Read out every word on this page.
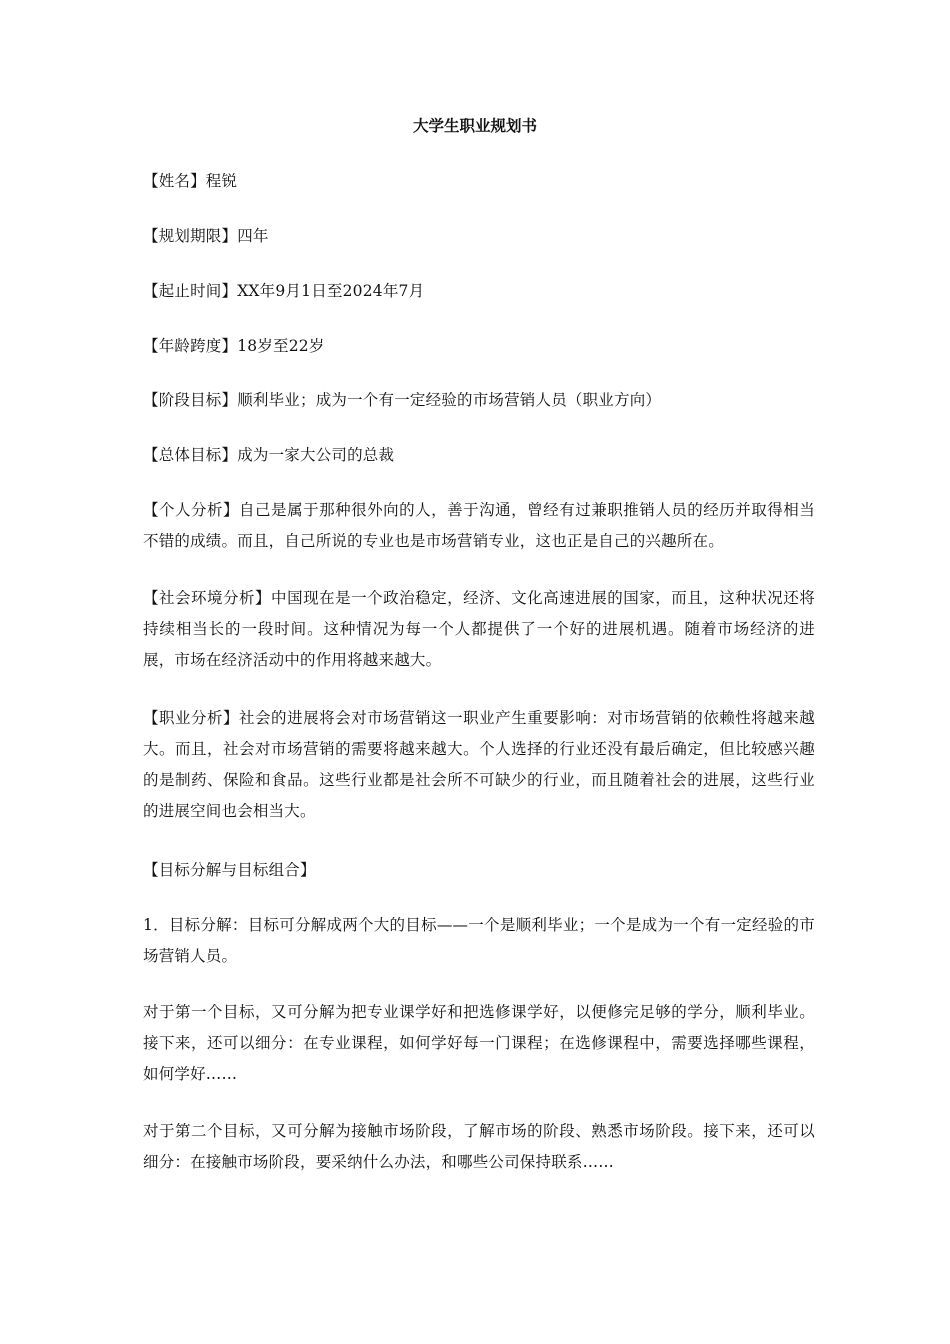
大学生职业规划书

【姓名】程锐

【规划期限】四年

【起止时间】XX年9月1日至2024年7月

【年龄跨度】18岁至22岁

【阶段目标】顺利毕业；成为一个有一定经验的市场营销人员（职业方向）

【总体目标】成为一家大公司的总裁

【个人分析】自己是属于那种很外向的人，善于沟通，曾经有过兼职推销人员的经历并取得相当不错的成绩。而且，自己所说的专业也是市场营销专业，这也正是自己的兴趣所在。

【社会环境分析】中国现在是一个政治稳定，经济、文化高速进展的国家，而且，这种状况还将持续相当长的一段时间。这种情况为每一个人都提供了一个好的进展机遇。随着市场经济的进展，市场在经济活动中的作用将越来越大。

【职业分析】社会的进展将会对市场营销这一职业产生重要影响：对市场营销的依赖性将越来越大。而且，社会对市场营销的需要将越来越大。个人选择的行业还没有最后确定，但比较感兴趣的是制药、保险和食品。这些行业都是社会所不可缺少的行业，而且随着社会的进展，这些行业的进展空间也会相当大。

【目标分解与目标组合】

1．目标分解：目标可分解成两个大的目标——一个是顺利毕业；一个是成为一个有一定经验的市场营销人员。

对于第一个目标，又可分解为把专业课学好和把选修课学好，以便修完足够的学分，顺利毕业。接下来，还可以细分：在专业课程，如何学好每一门课程；在选修课程中，需要选择哪些课程，如何学好……

对于第二个目标，又可分解为接触市场阶段，了解市场的阶段、熟悉市场阶段。接下来，还可以细分：在接触市场阶段，要采纳什么办法，和哪些公司保持联系……
